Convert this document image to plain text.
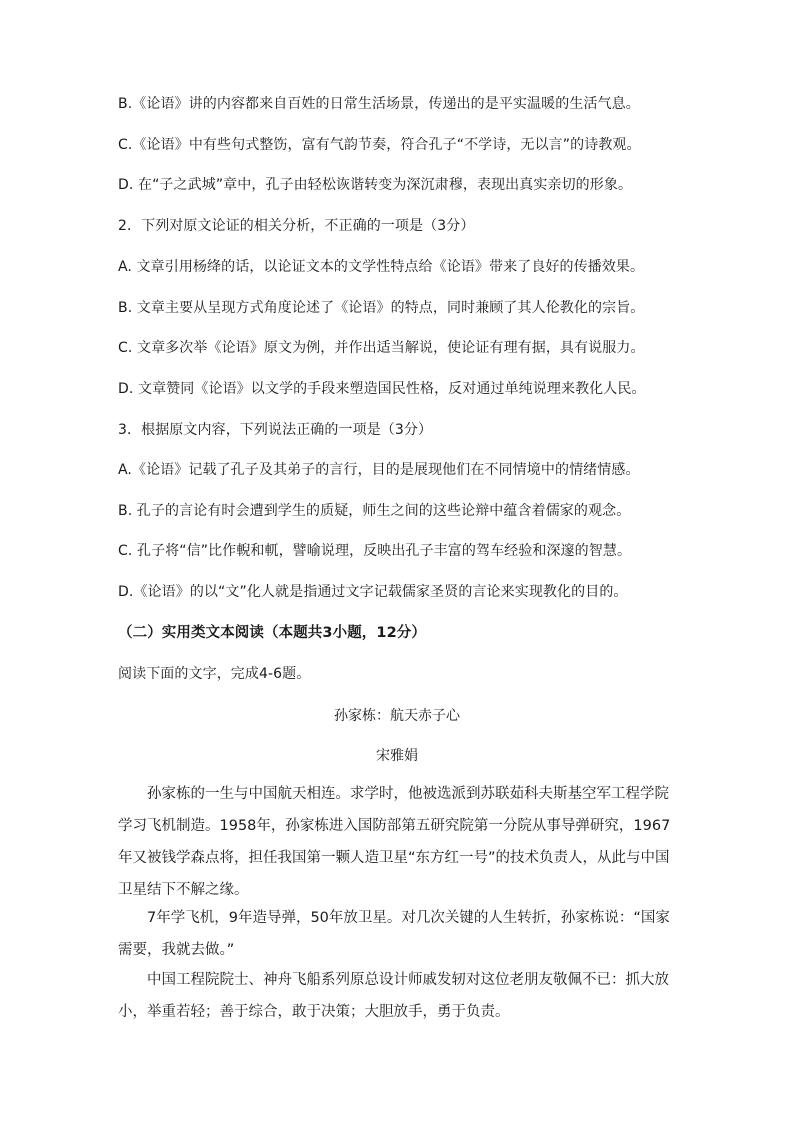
B.《论语》讲的内容都来自百姓的日常生活场景，传递出的是平实温暖的生活气息。
C.《论语》中有些句式整饬，富有气韵节奏，符合孔子“不学诗，无以言”的诗教观。
D. 在“子之武城”章中，孔子由轻松诙谐转变为深沉肃穆，表现出真实亲切的形象。
2．下列对原文论证的相关分析，不正确的一项是（3分）
A. 文章引用杨绛的话，以论证文本的文学性特点给《论语》带来了良好的传播效果。
B. 文章主要从呈现方式角度论述了《论语》的特点，同时兼顾了其人伦教化的宗旨。
C. 文章多次举《论语》原文为例，并作出适当解说，使论证有理有据，具有说服力。
D. 文章赞同《论语》以文学的手段来塑造国民性格，反对通过单纯说理来教化人民。
3．根据原文内容，下列说法正确的一项是（3分）
A.《论语》记载了孔子及其弟子的言行，目的是展现他们在不同情境中的情绪情感。
B. 孔子的言论有时会遭到学生的质疑，师生之间的这些论辩中蕴含着儒家的观念。
C. 孔子将“信”比作輗和軏，譬喻说理，反映出孔子丰富的驾车经验和深邃的智慧。
D.《论语》的以“文”化人就是指通过文字记载儒家圣贤的言论来实现教化的目的。
（二）实用类文本阅读（本题共3小题，12分）
阅读下面的文字，完成4-6题。
孙家栋：航天赤子心
宋雅娟
孙家栋的一生与中国航天相连。求学时，他被选派到苏联茹科夫斯基空军工程学院学习飞机制造。1958年，孙家栋进入国防部第五研究院第一分院从事导弹研究，1967年又被钱学森点将，担任我国第一颗人造卫星“东方红一号”的技术负责人，从此与中国卫星结下不解之缘。
7年学飞机，9年造导弹，50年放卫星。对几次关键的人生转折，孙家栋说：“国家需要，我就去做。”
中国工程院院士、神舟飞船系列原总设计师戚发轫对这位老朋友敬佩不已：抓大放小，举重若轻；善于综合，敢于决策；大胆放手，勇于负责。
